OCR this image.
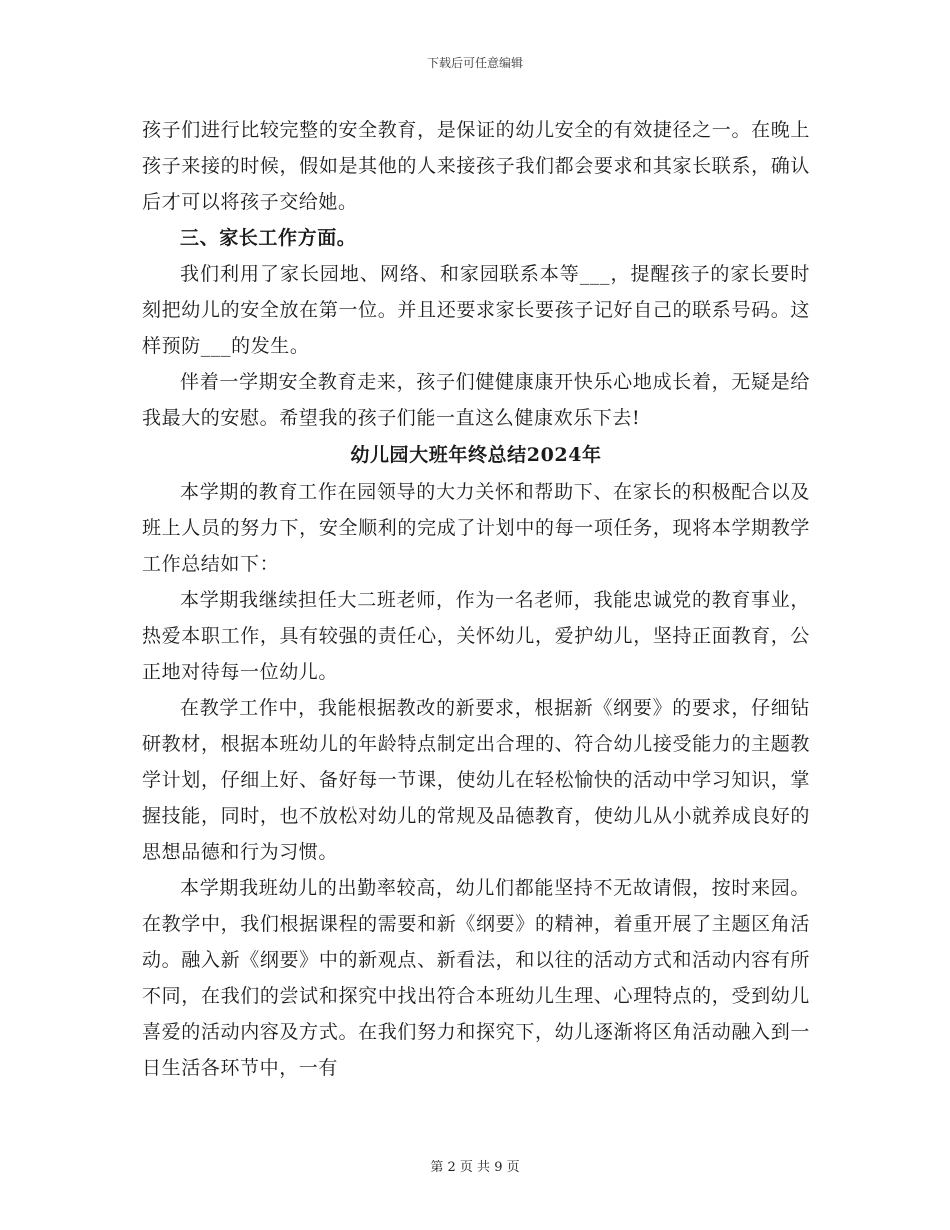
下载后可任意编辑

孩子们进行比较完整的安全教育，是保证的幼儿安全的有效捷径之一。在晚上孩子来接的时候，假如是其他的人来接孩子我们都会要求和其家长联系，确认后才可以将孩子交给她。

三、家长工作方面。

我们利用了家长园地、网络、和家园联系本等___，提醒孩子的家长要时刻把幼儿的安全放在第一位。并且还要求家长要孩子记好自己的联系号码。这样预防___的发生。

伴着一学期安全教育走来，孩子们健健康康开快乐心地成长着，无疑是给我最大的安慰。希望我的孩子们能一直这么健康欢乐下去!

幼儿园大班年终总结2024年

本学期的教育工作在园领导的大力关怀和帮助下、在家长的积极配合以及班上人员的努力下，安全顺利的完成了计划中的每一项任务，现将本学期教学工作总结如下：

本学期我继续担任大二班老师，作为一名老师，我能忠诚党的教育事业，热爱本职工作，具有较强的责任心，关怀幼儿，爱护幼儿，坚持正面教育，公正地对待每一位幼儿。

在教学工作中，我能根据教改的新要求，根据新《纲要》的要求，仔细钻研教材，根据本班幼儿的年龄特点制定出合理的、符合幼儿接受能力的主题教学计划，仔细上好、备好每一节课，使幼儿在轻松愉快的活动中学习知识，掌握技能，同时，也不放松对幼儿的常规及品德教育，使幼儿从小就养成良好的思想品德和行为习惯。

本学期我班幼儿的出勤率较高，幼儿们都能坚持不无故请假，按时来园。在教学中，我们根据课程的需要和新《纲要》的精神，着重开展了主题区角活动。融入新《纲要》中的新观点、新看法，和以往的活动方式和活动内容有所不同，在我们的尝试和探究中找出符合本班幼儿生理、心理特点的，受到幼儿喜爱的活动内容及方式。在我们努力和探究下，幼儿逐渐将区角活动融入到一日生活各环节中，一有

第 2 页 共 9 页
